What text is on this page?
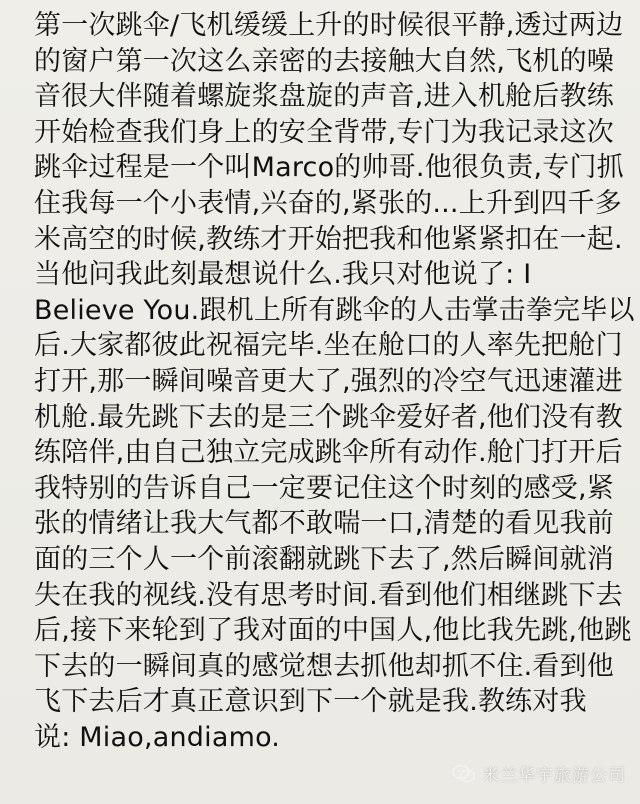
第一次跳伞/飞机缓缓上升的时候很平静,透过两边
的窗户第一次这么亲密的去接触大自然,飞机的噪
音很大伴随着螺旋浆盘旋的声音,进入机舱后教练
开始检查我们身上的安全背带,专门为我记录这次
跳伞过程是一个叫Marco的帅哥.他很负责,专门抓
住我每一个小表情,兴奋的,紧张的...上升到四千多
米高空的时候,教练才开始把我和他紧紧扣在一起.
当他问我此刻最想说什么.我只对他说了: I
Believe You.跟机上所有跳伞的人击掌击拳完毕以
后.大家都彼此祝福完毕.坐在舱口的人率先把舱门
打开,那一瞬间噪音更大了,强烈的冷空气迅速灌进
机舱.最先跳下去的是三个跳伞爱好者,他们没有教
练陪伴,由自己独立完成跳伞所有动作.舱门打开后
我特别的告诉自己一定要记住这个时刻的感受,紧
张的情绪让我大气都不敢喘一口,清楚的看见我前
面的三个人一个前滚翻就跳下去了,然后瞬间就消
失在我的视线.没有思考时间.看到他们相继跳下去
后,接下来轮到了我对面的中国人,他比我先跳,他跳
下去的一瞬间真的感觉想去抓他却抓不住.看到他
飞下去后才真正意识到下一个就是我.教练对我
说: Miao,andiamo.
米兰华宇旅游公司
